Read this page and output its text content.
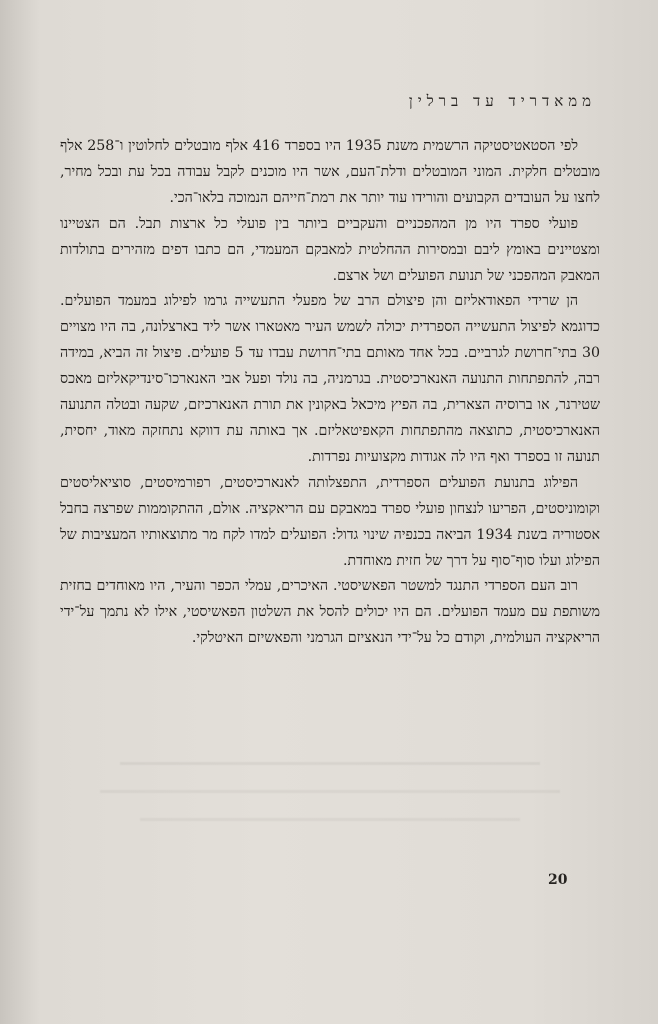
ממאדריד עד ברלין

לפי הסטאטיסטיקה הרשמית משנת 1935 היו בספרד 416 אלף מובטלים לחלוטין ו־258 אלף מובטלים חלקית. המוני המובטלים ודלת־העם, אשר היו מוכנים לקבל עבודה בכל עת ובכל מחיר, לחצו על העובדים הקבועים והורידו עוד יותר את רמת־חייהם הנמוכה בלאו־הכי.

פועלי ספרד היו מן המהפכניים והעקביים ביותר בין פועלי כל ארצות תבל. הם הצטיינו ומצטיינים באומץ ליבם ובמסירות ההחלטית למאבקם המעמדי, הם כתבו דפים מזהירים בתולדות המאבק המהפכני של תנועת הפועלים ושל ארצם.

הן שרידי הפאודאליזם והן פיצולם הרב של מפעלי התעשייה גרמו לפילוג במעמד הפועלים. כדוגמא לפיצול התעשייה הספרדית יכולה לשמש העיר מאטארו אשר ליד בארצלונה, בה היו מצויים 30 בתי־חרושת לגרביים. בכל אחד מאותם בתי־חרושת עבדו עד 5 פועלים. פיצול זה הביא, במידה רבה, להתפתחות התנועה האנארכיסטית. בגרמניה, בה נולד ופעל אבי האנארכו־סינדיקאליזם מאכס שטירנר, או ברוסיה הצארית, בה הפיץ מיכאל באקונין את תורת האנארכיזם, שקעה ובטלה התנועה האנארכיסטית, כתוצאה מהתפתחות הקאפיטאליזם. אך באותה עת דווקא נתחזקה מאוד, יחסית, תנועה זו בספרד ואף היו לה אגודות מקצועיות נפרדות.

הפילוג בתנועת הפועלים הספרדית, התפצלותה לאנארכיסטים, רפורמיסטים, סוציאליסטים וקומוניסטים, הפריעו לנצחון פועלי ספרד במאבקם עם הריאקציה. אולם, ההתקוממות שפרצה בחבל אסטוריה בשנת 1934 הביאה בכנפיה שינוי גדול: הפועלים למדו לקח מר מתוצאותיו המעציבות של הפילוג ועלו סוף־סוף על דרך של חזית מאוחדת.

רוב העם הספרדי התנגד למשטר הפאשיסטי. האיכרים, עמלי הכפר והעיר, היו מאוחדים בחזית משותפת עם מעמד הפועלים. הם היו יכולים להסל את השלטון הפאשיסטי, אילו לא נתמך על־ידי הריאקציה העולמית, וקודם כל על־ידי הנאציזם הגרמני והפאשיזם האיטלקי.

20
